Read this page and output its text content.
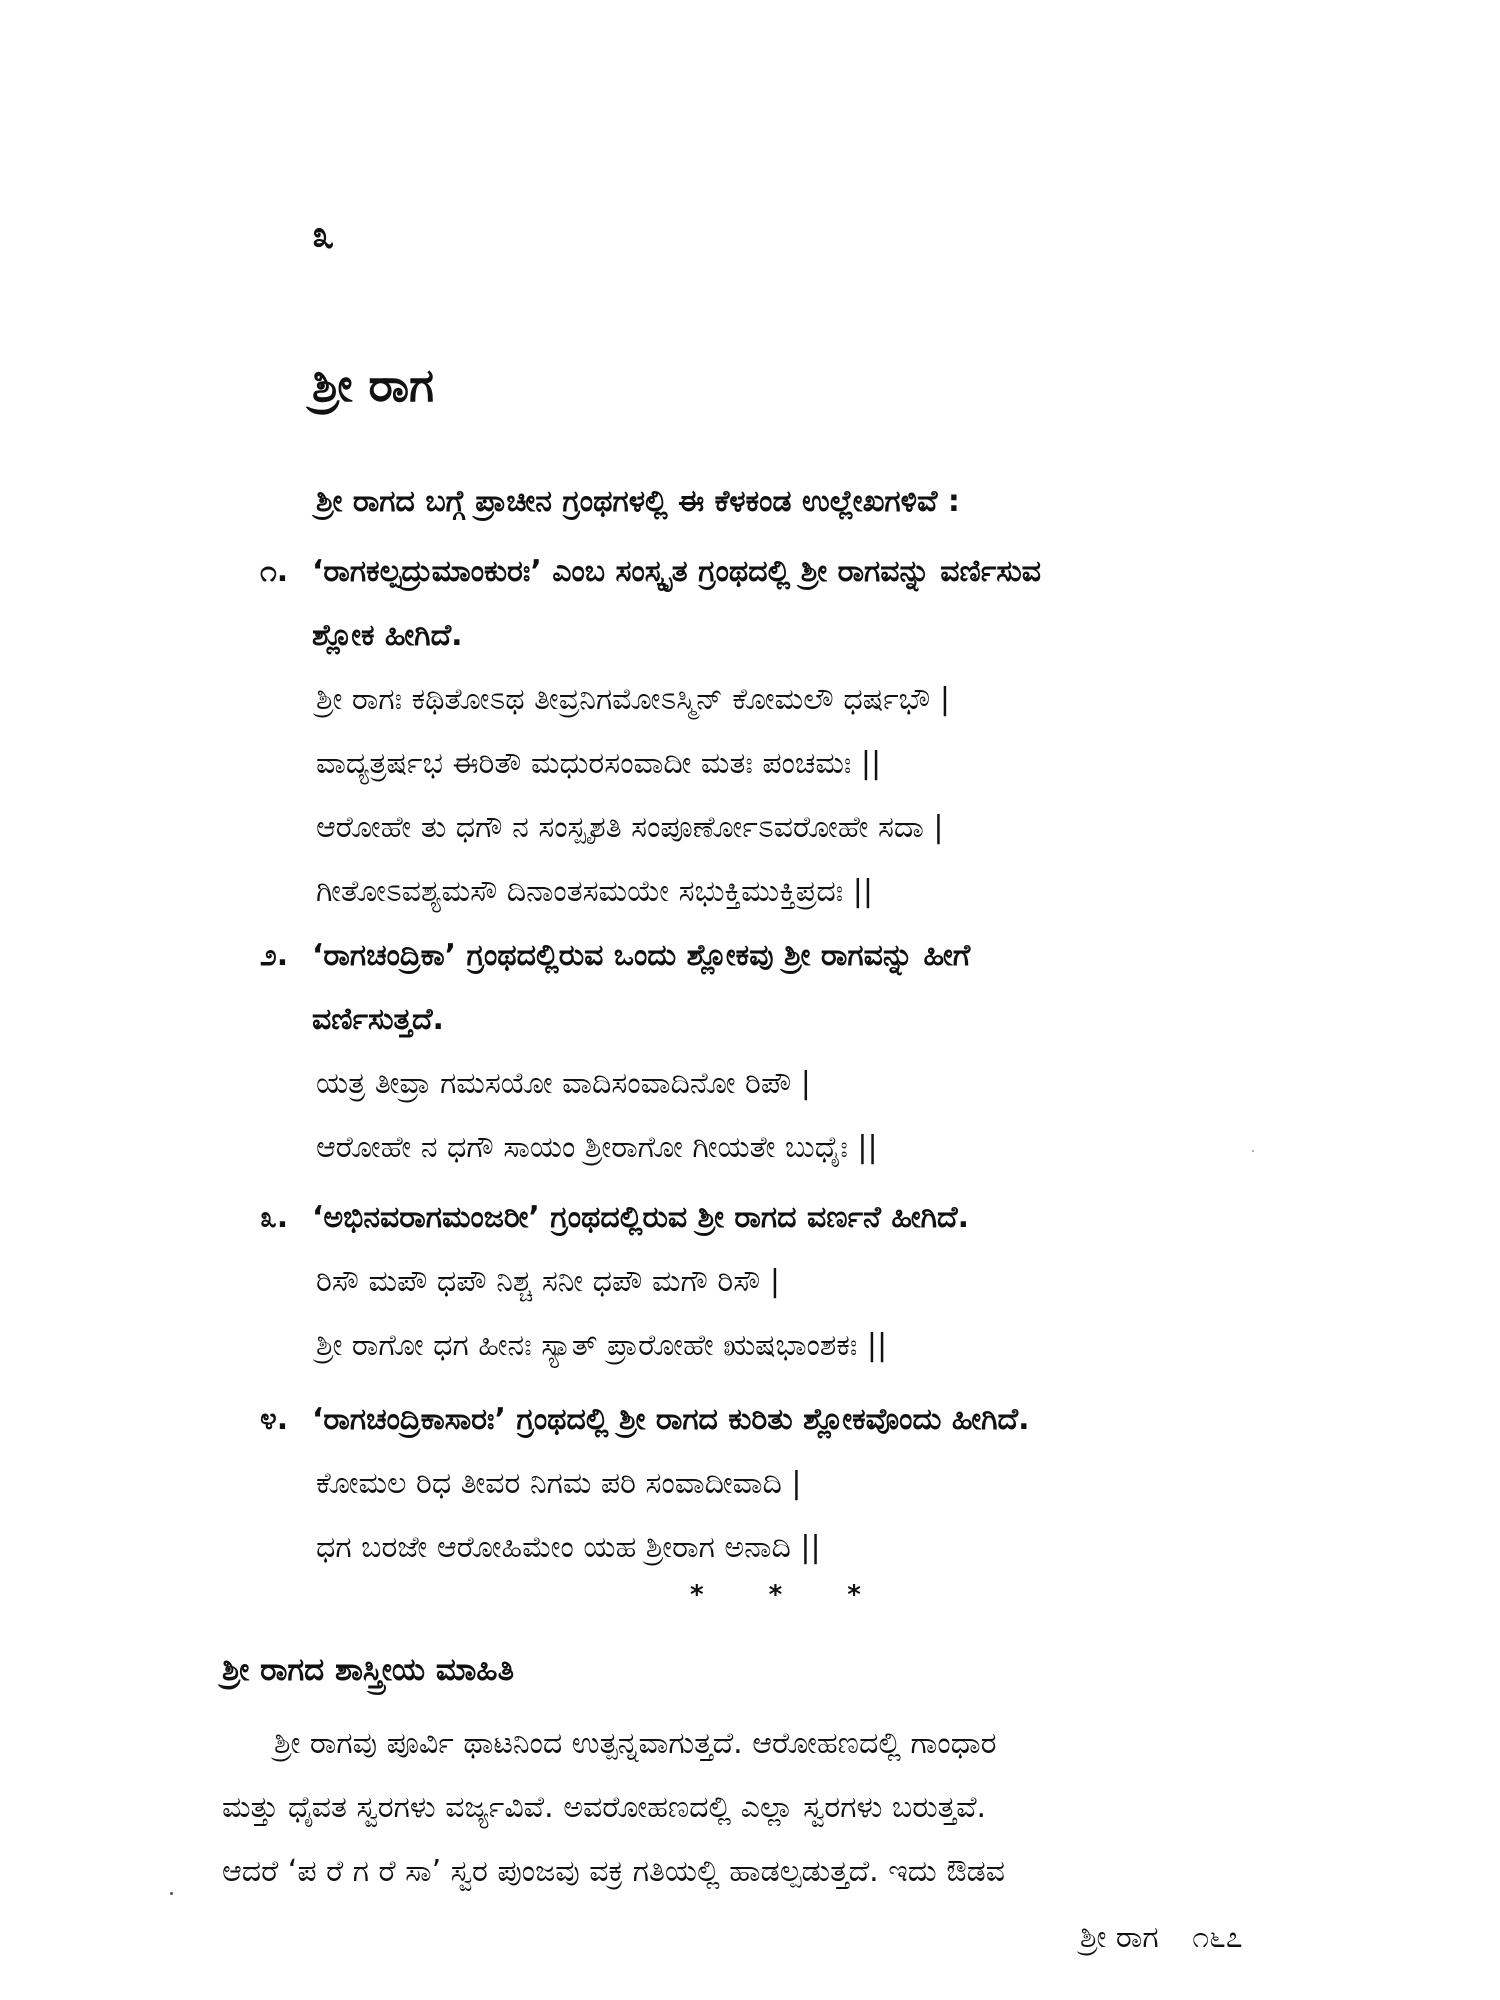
೩
ಶ್ರೀ ರಾಗ
ಶ್ರೀ ರಾಗದ ಬಗ್ಗೆ ಪ್ರಾಚೀನ ಗ್ರಂಥಗಳಲ್ಲಿ ಈ ಕೆಳಕಂಡ ಉಲ್ಲೇಖಗಳಿವೆ :
೧. ‘ರಾಗಕಲ್ಪದ್ರುಮಾಂಕುರಃ’ ಎಂಬ ಸಂಸ್ಕೃತ ಗ್ರಂಥದಲ್ಲಿ ಶ್ರೀ ರಾಗವನ್ನು ವರ್ಣಿಸುವ
ಶ್ಲೋಕ ಹೀಗಿದೆ.
ಶ್ರೀ ರಾಗಃ ಕಥಿತೋಽಥ ತೀವ್ರನಿಗಮೋಽಸ್ಮಿನ್ ಕೋಮಲೌ ಧರ್ಷಭೌ |
ವಾದ್ಯತ್ರರ್ಷಭ ಈರಿತೌ ಮಧುರಸಂವಾದೀ ಮತಃ ಪಂಚಮಃ ||
ಆರೋಹೇ ತು ಧಗೌ ನ ಸಂಸ್ಪೃಶತಿ ಸಂಪೂರ್ಣೋಽವರೋಹೇ ಸದಾ |
ಗೀತೋಽವಶ್ಯಮಸೌ ದಿನಾಂತಸಮಯೇ ಸಭುಕ್ತಿಮುಕ್ತಿಪ್ರದಃ ||
೨. ‘ರಾಗಚಂದ್ರಿಕಾ’ ಗ್ರಂಥದಲ್ಲಿರುವ ಒಂದು ಶ್ಲೋಕವು ಶ್ರೀ ರಾಗವನ್ನು ಹೀಗೆ
ವರ್ಣಿಸುತ್ತದೆ.
ಯತ್ರ ತೀವ್ರಾ ಗಮಸಯೋ ವಾದಿಸಂವಾದಿನೋ ರಿಪೌ |
ಆರೋಹೇ ನ ಧಗೌ ಸಾಯಂ ಶ್ರೀರಾಗೋ ಗೀಯತೇ ಬುಧೈಃ ||
೩. ‘ಅಭಿನವರಾಗಮಂಜರೀ’ ಗ್ರಂಥದಲ್ಲಿರುವ ಶ್ರೀ ರಾಗದ ವರ್ಣನೆ ಹೀಗಿದೆ.
ರಿಸೌ ಮಪೌ ಧಪೌ ನಿಶ್ಚ ಸನೀ ಧಪೌ ಮಗೌ ರಿಸೌ |
ಶ್ರೀ ರಾಗೋ ಧಗ ಹೀನಃ ಸ್ಯಾತ್ ಪ್ರಾರೋಹೇ ಋಷಭಾಂಶಕಃ ||
೪. ‘ರಾಗಚಂದ್ರಿಕಾಸಾರಃ’ ಗ್ರಂಥದಲ್ಲಿ ಶ್ರೀ ರಾಗದ ಕುರಿತು ಶ್ಲೋಕವೊಂದು ಹೀಗಿದೆ.
ಕೋಮಲ ರಿಧ ತೀವರ ನಿಗಮ ಪರಿ ಸಂವಾದೀವಾದಿ |
ಧಗ ಬರಜೇ ಆರೋಹಿಮೇಂ ಯಹ ಶ್ರೀರಾಗ ಅನಾದಿ ||
* * *
ಶ್ರೀ ರಾಗದ ಶಾಸ್ತ್ರೀಯ ಮಾಹಿತಿ
ಶ್ರೀ ರಾಗವು ಪೂರ್ವಿ ಥಾಟನಿಂದ ಉತ್ಪನ್ನವಾಗುತ್ತದೆ. ಆರೋಹಣದಲ್ಲಿ ಗಾಂಧಾರ
ಮತ್ತು ಧೈವತ ಸ್ವರಗಳು ವರ್ಜ್ಯವಿವೆ. ಅವರೋಹಣದಲ್ಲಿ ಎಲ್ಲಾ ಸ್ವರಗಳು ಬರುತ್ತವೆ.
ಆದರೆ ‘ಪ ರೆ ಗ ರೆ ಸಾ’ ಸ್ವರ ಪುಂಜವು ವಕ್ರ ಗತಿಯಲ್ಲಿ ಹಾಡಲ್ಪಡುತ್ತದೆ. ಇದು ಔಡವ
ಶ್ರೀ ರಾಗ ೧೬೭
